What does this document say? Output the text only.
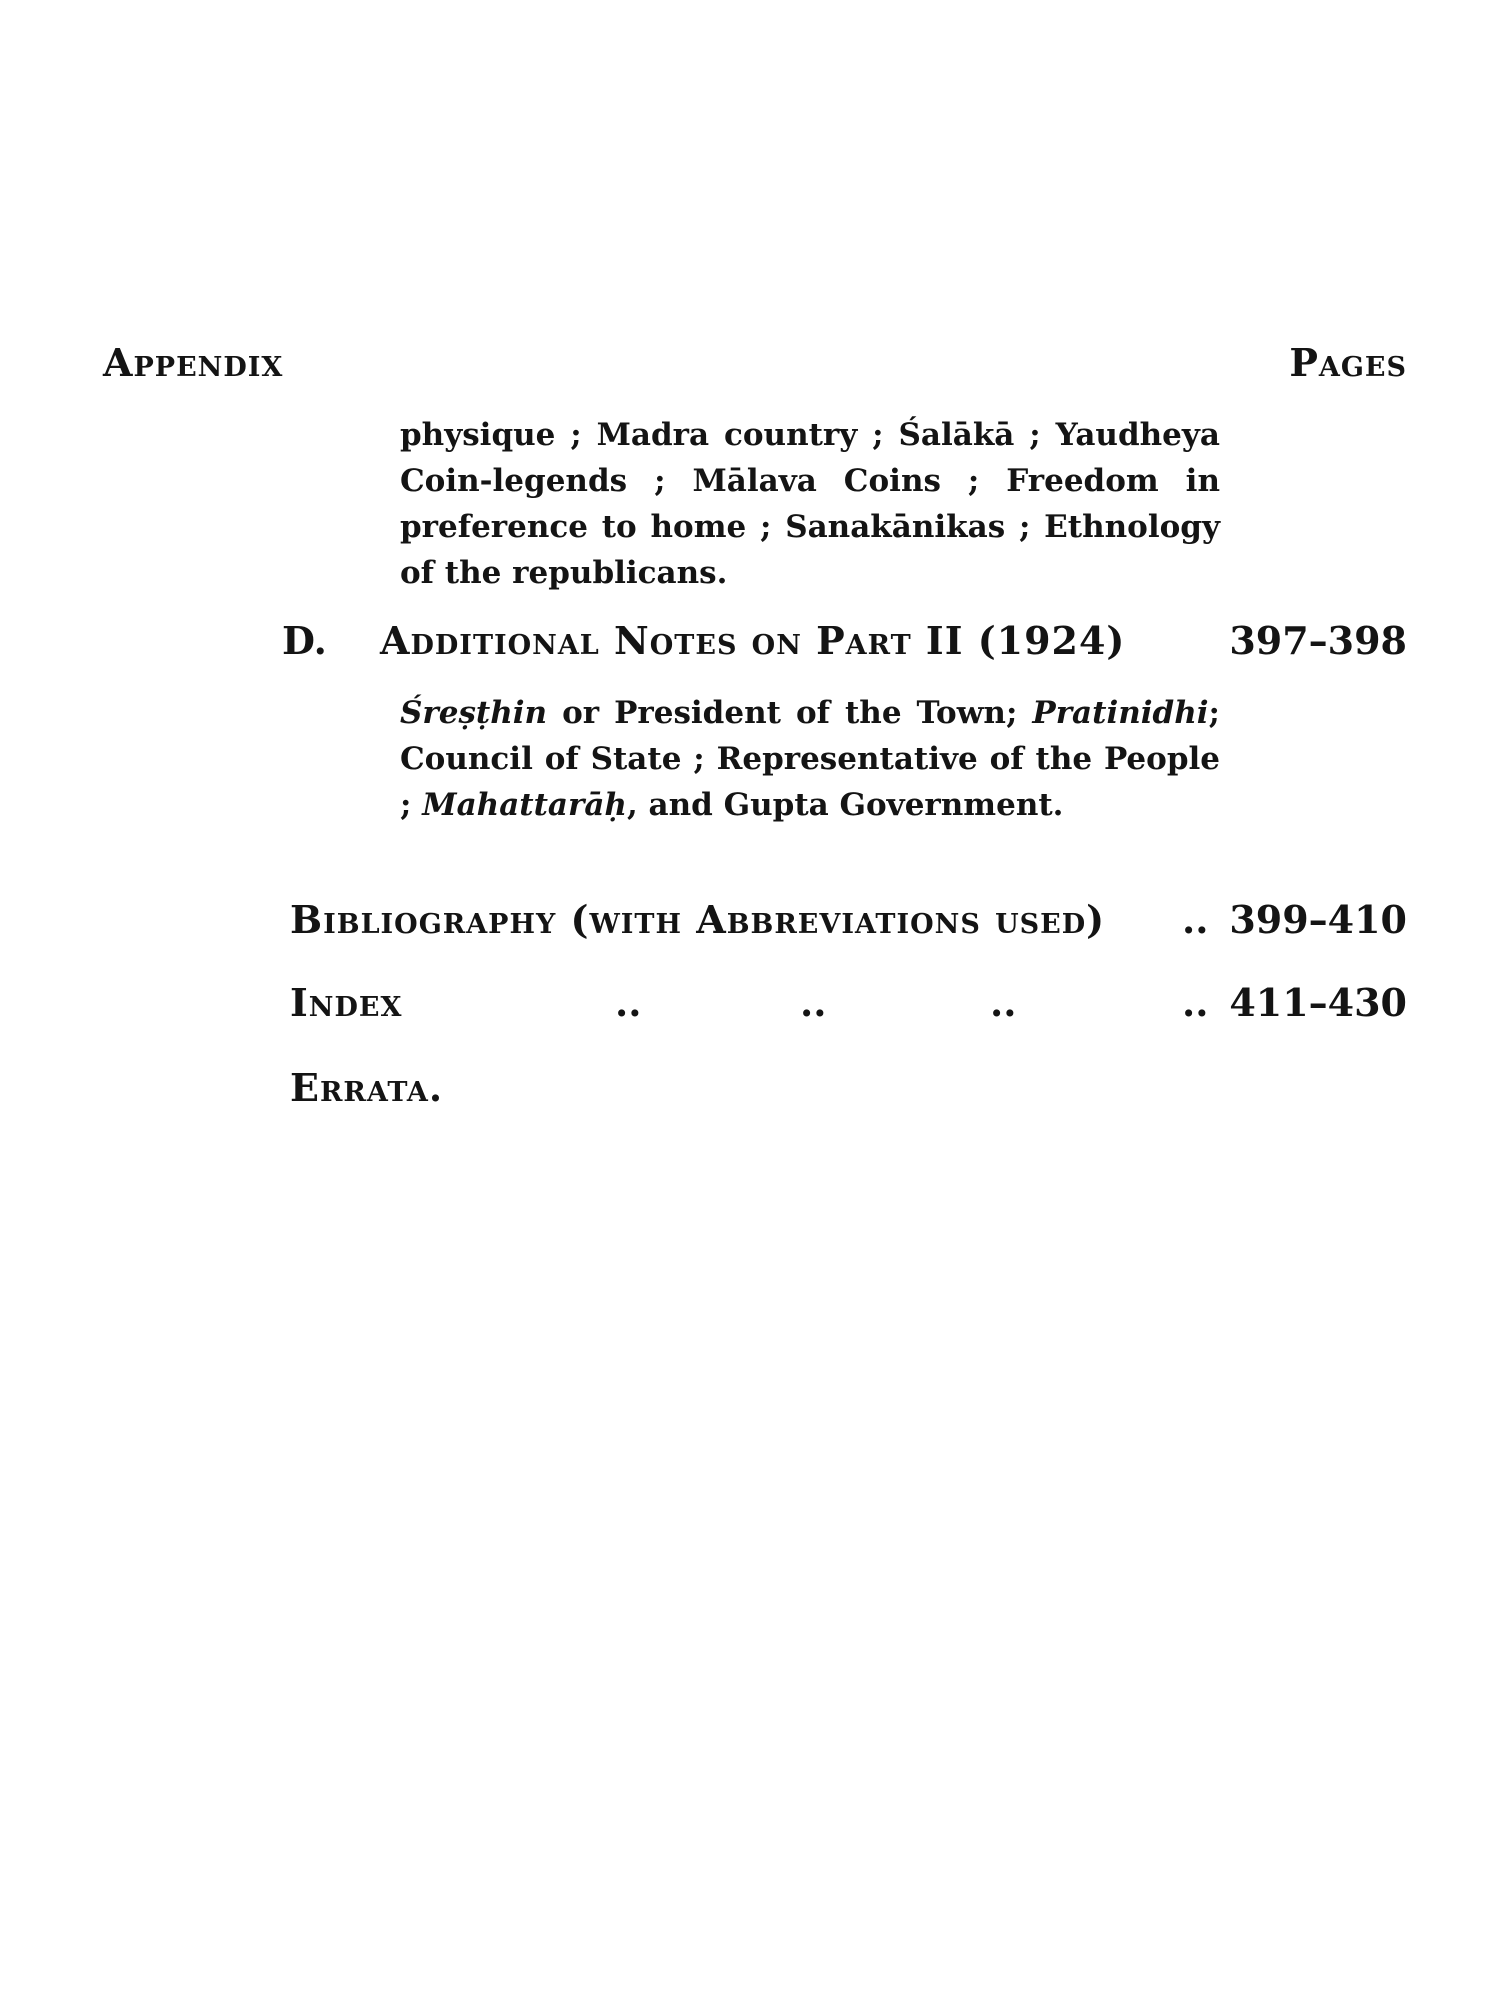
Appendix	Pages
physique ; Madra country ; Śalākā ; Yaudheya Coin-legends ; Mālava Coins ; Freedom in preference to home ; Sanakānikas ; Ethnology of the republicans.
D. Additional Notes on Part II (1924)	397–398
Śreṣṭhin or President of the Town; Pratinidhi; Council of State ; Representative of the People ; Mahattarāḥ, and Gupta Government.
Bibliography (with Abbreviations used) .. 399–410
Index	..	..	..	.. 411–430
Errata.
